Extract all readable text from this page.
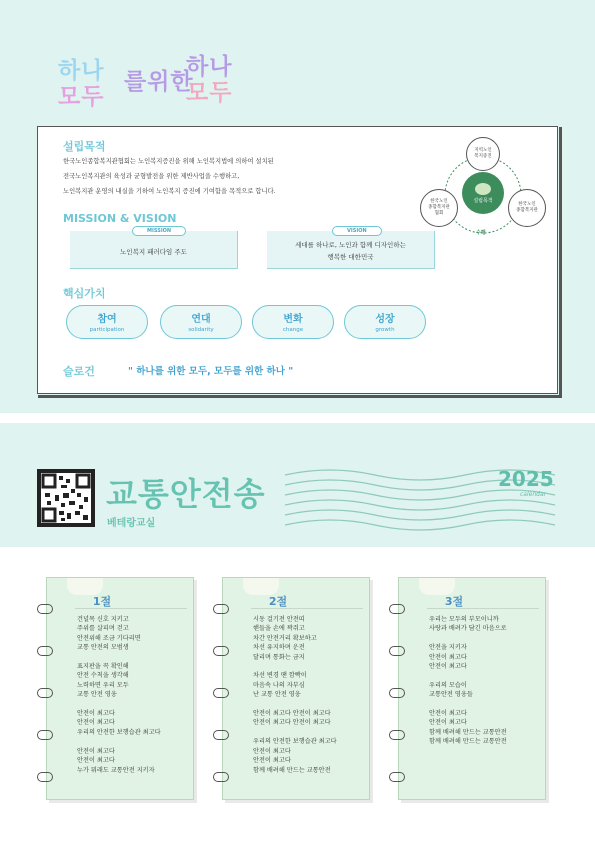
하나
모두
를위한
하나
모두
설립목적
한국노인종합복지관협회는 노인복지증진을 위해 노인복지법에 의하여 설치된
전국노인복지관의 육성과 균형발전을 위한 제반사업을 수행하고,
노인복지관 운영의 내실을 기하여 노인복지 증진에 기여함을 목적으로 합니다.
설립목적
지역노인
복지증진
한국노인
종합복지관
협회
한국노인
종합복지관
수행
MISSION & VISION
MISSION
노인복지 패러다임 주도
VISION
세대를 하나로, 노인과 함께 디자인하는
행복한 대한민국
핵심가치
참여
participation
연대
solidarity
변화
change
성장
growth
슬로건	" 하나를 위한 모두, 모두를 위한 하나 "
교통안전송
베테랑교실
2025
calendar
1절
건널목 신호 지키고
주위를 살피며 걷고
안전위해 조금 기다리면
교통 안전의 모범생

표지판을 꼭 확인해
안전 수칙을 생각해
노력하면 우리 모두
교통 안전 영웅

안전이 최고다
안전이 최고다
우리의 안전한 보행습관 최고다

안전이 최고다
안전이 최고다
누가 뭐래도 교통안전 지키자
2절
시동 걸기전 안전띠
핸들을 손에 꽉쥐고
차간 안전거리 확보하고
차선 유지하며 운전
달리며 통화는 금지

차선 변경 땐 깜빡이
마음속 나의 자부심
난 교통 안전 영웅

안전이 최고다 안전이 최고다
안전이 최고다 안전이 최고다

우리의 안전한 보행습관 최고다
안전이 최고다
안전이 최고다
함께 배려해 만드는 교통안전
3절
우리는 모두의 부모이니까
사랑과 배려가 담긴 마음으로

안전을 지키자
안전이 최고다
안전이 최고다

우리의 모습이
교통안전 영웅들

안전이 최고다
안전이 최고다
함께 배려해 만드는 교통안전
함께 배려해 만드는 교통안전
